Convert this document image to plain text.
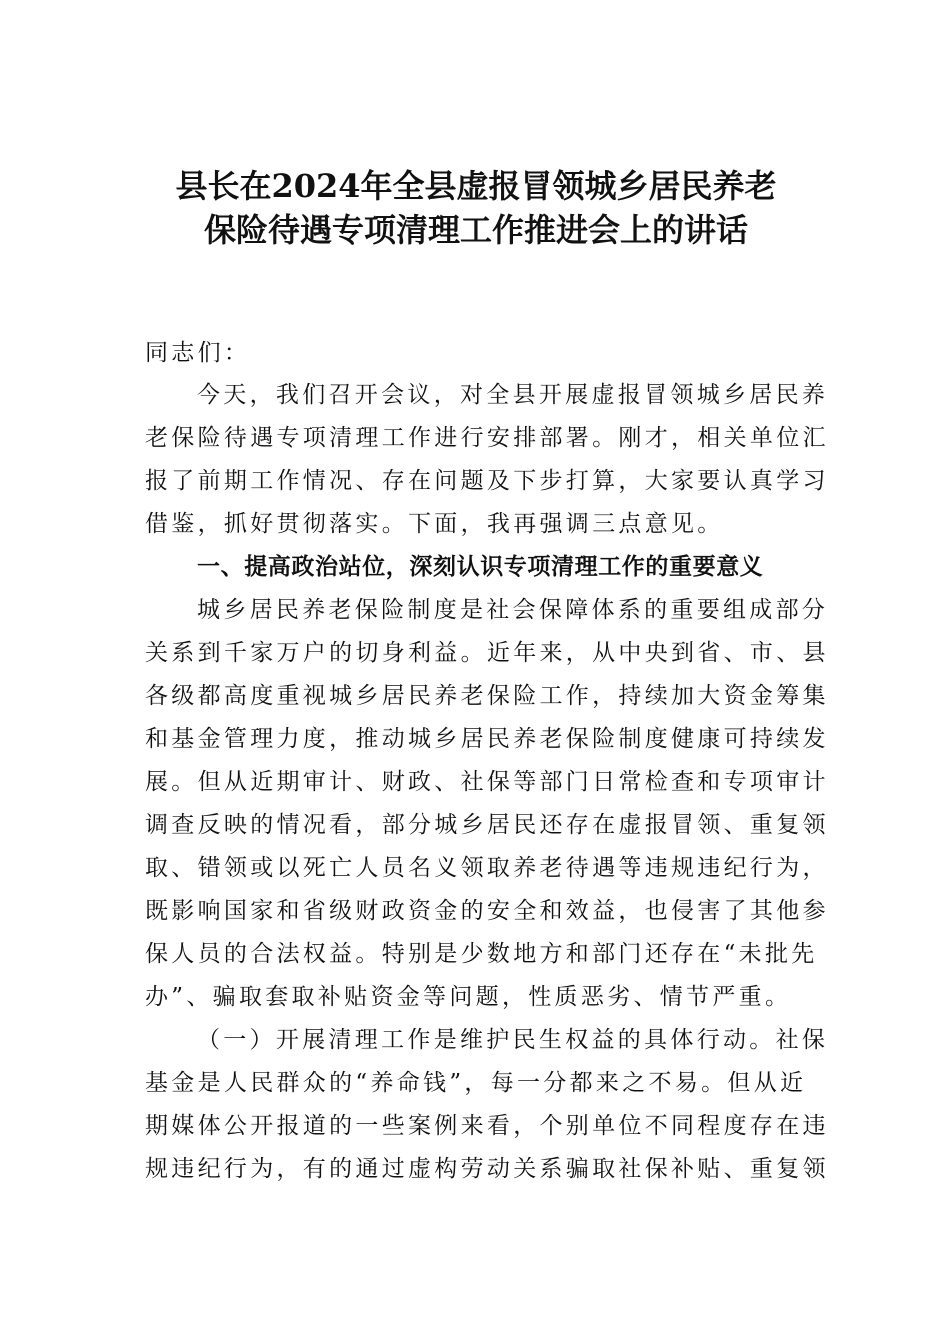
县长在2024年全县虚报冒领城乡居民养老
保险待遇专项清理工作推进会上的讲话
同志们：
今天，我们召开会议，对全县开展虚报冒领城乡居民养
老保险待遇专项清理工作进行安排部署。刚才，相关单位汇
报了前期工作情况、存在问题及下步打算，大家要认真学习
借鉴，抓好贯彻落实。下面，我再强调三点意见。
一、提高政治站位，深刻认识专项清理工作的重要意义
城乡居民养老保险制度是社会保障体系的重要组成部分
关系到千家万户的切身利益。近年来，从中央到省、市、县
各级都高度重视城乡居民养老保险工作，持续加大资金筹集
和基金管理力度，推动城乡居民养老保险制度健康可持续发
展。但从近期审计、财政、社保等部门日常检查和专项审计
调查反映的情况看，部分城乡居民还存在虚报冒领、重复领
取、错领或以死亡人员名义领取养老待遇等违规违纪行为，
既影响国家和省级财政资金的安全和效益，也侵害了其他参
保人员的合法权益。特别是少数地方和部门还存在“未批先
办”、骗取套取补贴资金等问题，性质恶劣、情节严重。
（一）开展清理工作是维护民生权益的具体行动。社保
基金是人民群众的“养命钱”，每一分都来之不易。但从近
期媒体公开报道的一些案例来看，个别单位不同程度存在违
规违纪行为，有的通过虚构劳动关系骗取社保补贴、重复领
